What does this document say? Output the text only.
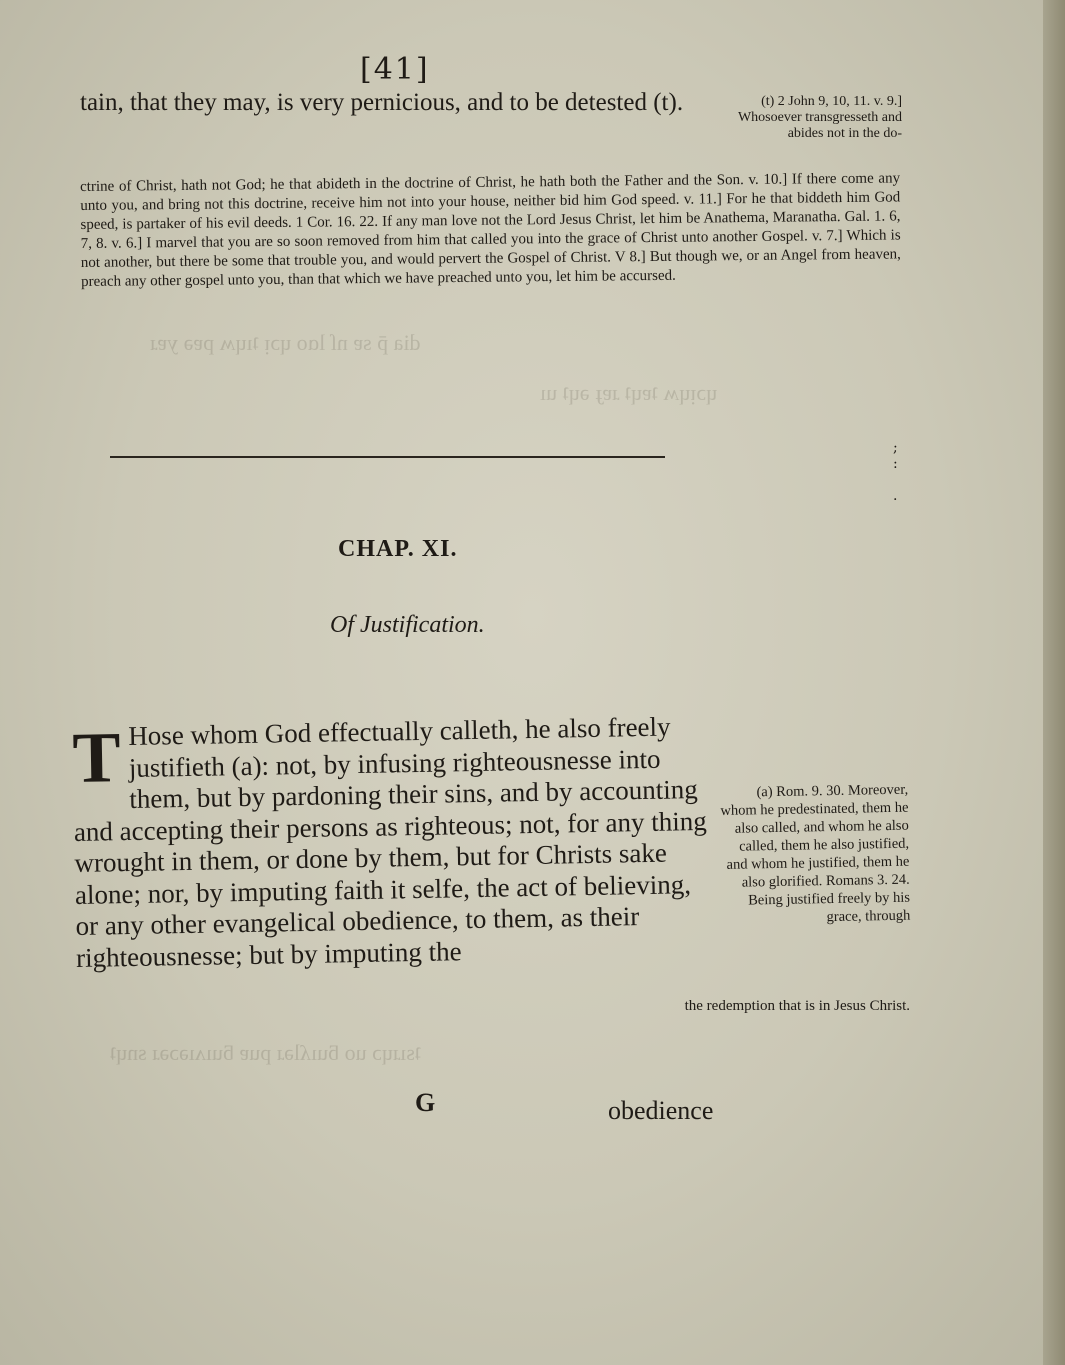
dia p̄ sɐ nſ lɑo ɥɔᴉ ʇıɥʍ pɐə yɐɹ
ɥɔᴉɥʍ ʇɐɥʇ ɹɐɟ ǝɥʇ uı
ʇsıɹɥɔ uo ƃuıʎlǝɹ puɐ ƃuıʌıǝɔǝɹ snɥʇ
[41]
tain, that they may, is very pernicious, and to be detested (t).	(t) 2 John 9, 10, 11. v. 9.] Whosoever transgresseth and abides not in the do-
ctrine of Christ, hath not God; he that abideth in the doctrine of Christ, he hath both the Father and the Son. v. 10.] If there come any unto you, and bring not this doctrine, receive him not into your house, neither bid him God speed. v. 11.] For he that biddeth him God speed, is partaker of his evil deeds. 1 Cor. 16. 22. If any man love not the Lord Jesus Christ, let him be Anathema, Maranatha. Gal. 1. 6, 7, 8. v. 6.] I marvel that you are so soon removed from him that called you into the grace of Christ unto another Gospel. v. 7.] Which is not another, but there be some that trouble you, and would pervert the Gospel of Christ. V 8.] But though we, or an Angel from heaven, preach any other gospel unto you, than that which we have preached unto you, let him be accursed.
;
:

.
CHAP. XI.
Of Justification.
T Hose whom God effectually calleth, he also freely justifieth (a): not, by infusing righteousnesse into them, but by pardoning their sins, and by accounting and accepting their persons as righteous; not, for any thing wrought in them, or done by them, but for Christs sake alone; nor, by imputing faith it selfe, the act of believing, or any other evangelical obedience, to them, as their righteousnesse; but by imputing the
(a) Rom. 9. 30. Moreover, whom he predestinated, them he also called, and whom he also called, them he also justified, and whom he justified, them he also glorified. Romans 3. 24. Being justified freely by his grace, through
the redemption that is in Jesus Christ.
G	obedience
